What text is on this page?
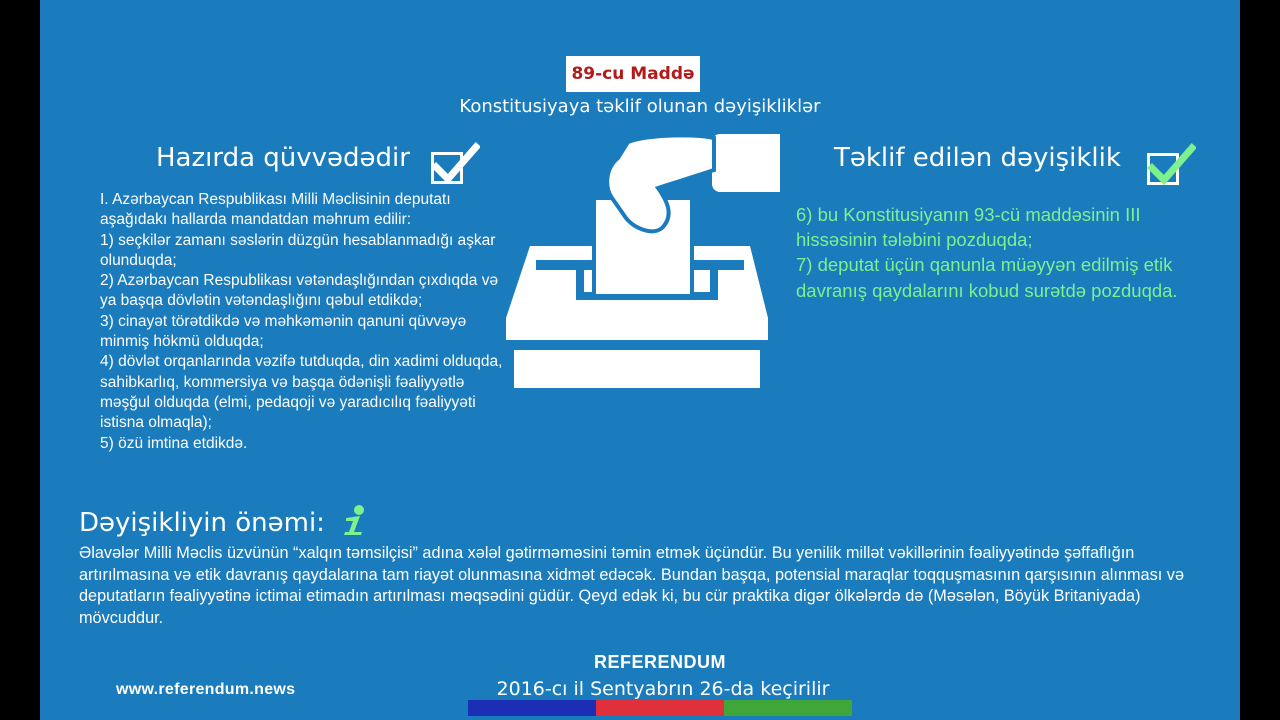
89-cu Maddə
Konstitusiyaya təklif olunan dəyişikliklər
Hazırda qüvvədədir	Təklif edilən dəyişiklik

I. Azərbaycan Respublikası Milli Məclisinin deputatı aşağıdakı hallarda mandatdan məhrum edilir:

1) seçkilər zamanı səslərin düzgün hesablanmadığı aşkar olunduqda;

2) Azərbaycan Respublikası vətəndaşlığından çıxdıqda və ya başqa dövlətin vətəndaşlığını qəbul etdikdə;

3) cinayət törətdikdə və məhkəmənin qanuni qüvvəyə minmiş hökmü olduqda;

4) dövlət orqanlarında vəzifə tutduqda, din xadimi olduqda, sahibkarlıq, kommersiya və başqa ödənişli fəaliyyətlə məşğul olduqda (elmi, pedaqoji və yaradıcılıq fəaliyyəti istisna olmaqla);

5) özü imtina etdikdə.

6) bu Konstitusiyanın 93-cü maddəsinin III hissəsinin tələbini pozduqda;

7) deputat üçün qanunla müəyyən edilmiş etik davranış qaydalarını kobud surətdə pozduqda.

Dəyişikliyin önəmi:
Əlavələr Milli Məclis üzvünün “xalqın təmsilçisi” adına xələl gətirməməsini təmin etmək üçündür. Bu yenilik millət vəkillərinin fəaliyyətində şəffaflığın artırılmasına və etik davranış qaydalarına tam riayət olunmasına xidmət edəcək. Bundan başqa, potensial maraqlar toqquşmasının qarşısının alınması və deputatların fəaliyyətinə ictimai etimadın artırılması məqsədini güdür. Qeyd edək ki, bu cür praktika digər ölkələrdə də (Məsələn, Böyük Britaniyada) mövcuddur.
REFERENDUM
2016-cı il Sentyabrın 26-da keçirilir
www.referendum.news
